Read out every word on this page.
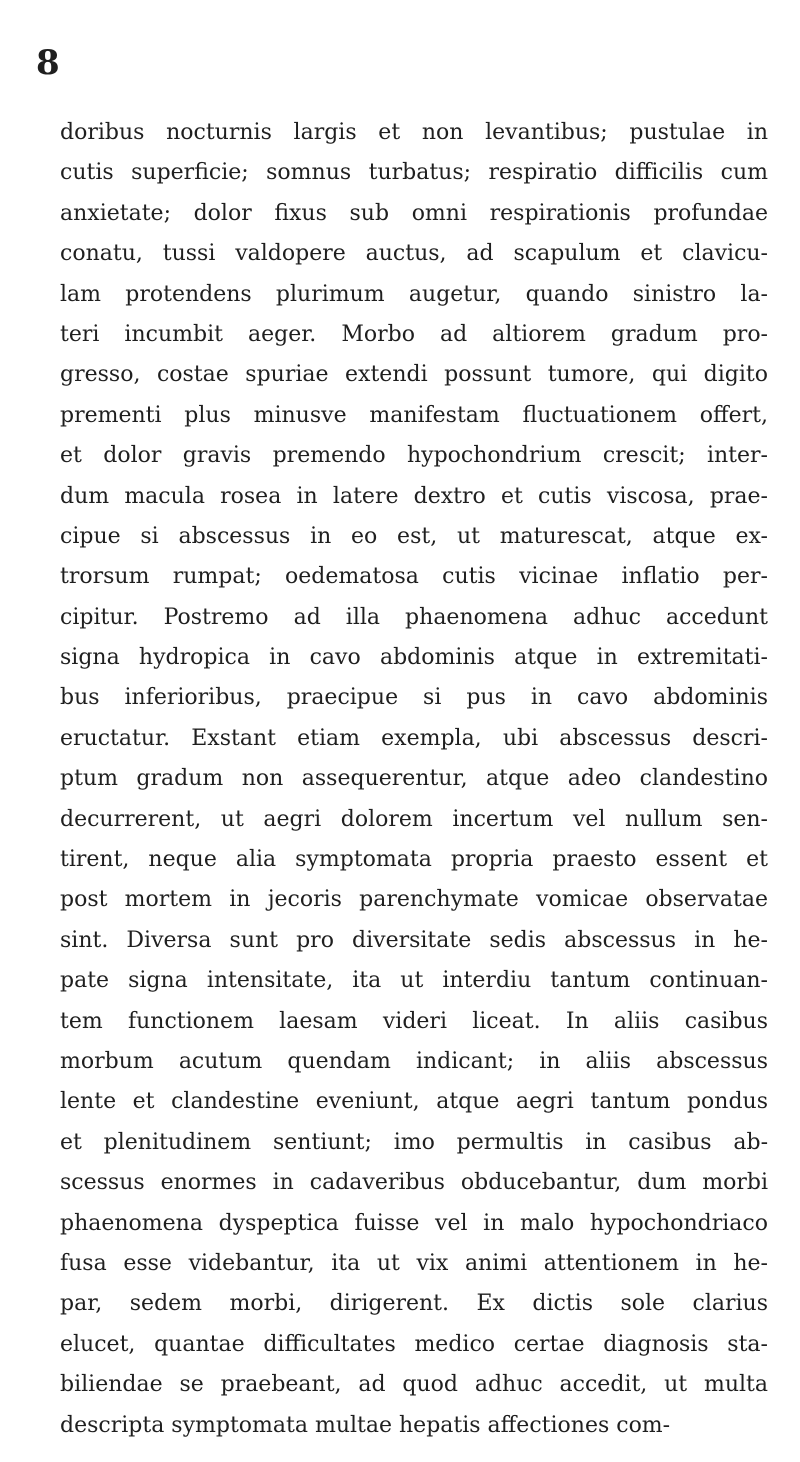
8
doribus nocturnis largis et non levantibus; pustulae in
cutis superficie; somnus turbatus; respiratio difficilis cum
anxietate; dolor fixus sub omni respirationis profundae
conatu, tussi valdopere auctus, ad scapulum et clavicu-
lam protendens plurimum augetur, quando sinistro la-
teri incumbit aeger. Morbo ad altiorem gradum pro-
gresso, costae spuriae extendi possunt tumore, qui digito
prementi plus minusve manifestam fluctuationem offert,
et dolor gravis premendo hypochondrium crescit; inter-
dum macula rosea in latere dextro et cutis viscosa, prae-
cipue si abscessus in eo est, ut maturescat, atque ex-
trorsum rumpat; oedematosa cutis vicinae inflatio per-
cipitur. Postremo ad illa phaenomena adhuc accedunt
signa hydropica in cavo abdominis atque in extremitati-
bus inferioribus, praecipue si pus in cavo abdominis
eructatur. Exstant etiam exempla, ubi abscessus descri-
ptum gradum non assequerentur, atque adeo clandestino
decurrerent, ut aegri dolorem incertum vel nullum sen-
tirent, neque alia symptomata propria praesto essent et
post mortem in jecoris parenchymate vomicae observatae
sint. Diversa sunt pro diversitate sedis abscessus in he-
pate signa intensitate, ita ut interdiu tantum continuan-
tem functionem laesam videri liceat. In aliis casibus
morbum acutum quendam indicant; in aliis abscessus
lente et clandestine eveniunt, atque aegri tantum pondus
et plenitudinem sentiunt; imo permultis in casibus ab-
scessus enormes in cadaveribus obducebantur, dum morbi
phaenomena dyspeptica fuisse vel in malo hypochondriaco
fusa esse videbantur, ita ut vix animi attentionem in he-
par, sedem morbi, dirigerent. Ex dictis sole clarius
elucet, quantae difficultates medico certae diagnosis sta-
biliendae se praebeant, ad quod adhuc accedit, ut multa
descripta symptomata multae hepatis affectiones com-
